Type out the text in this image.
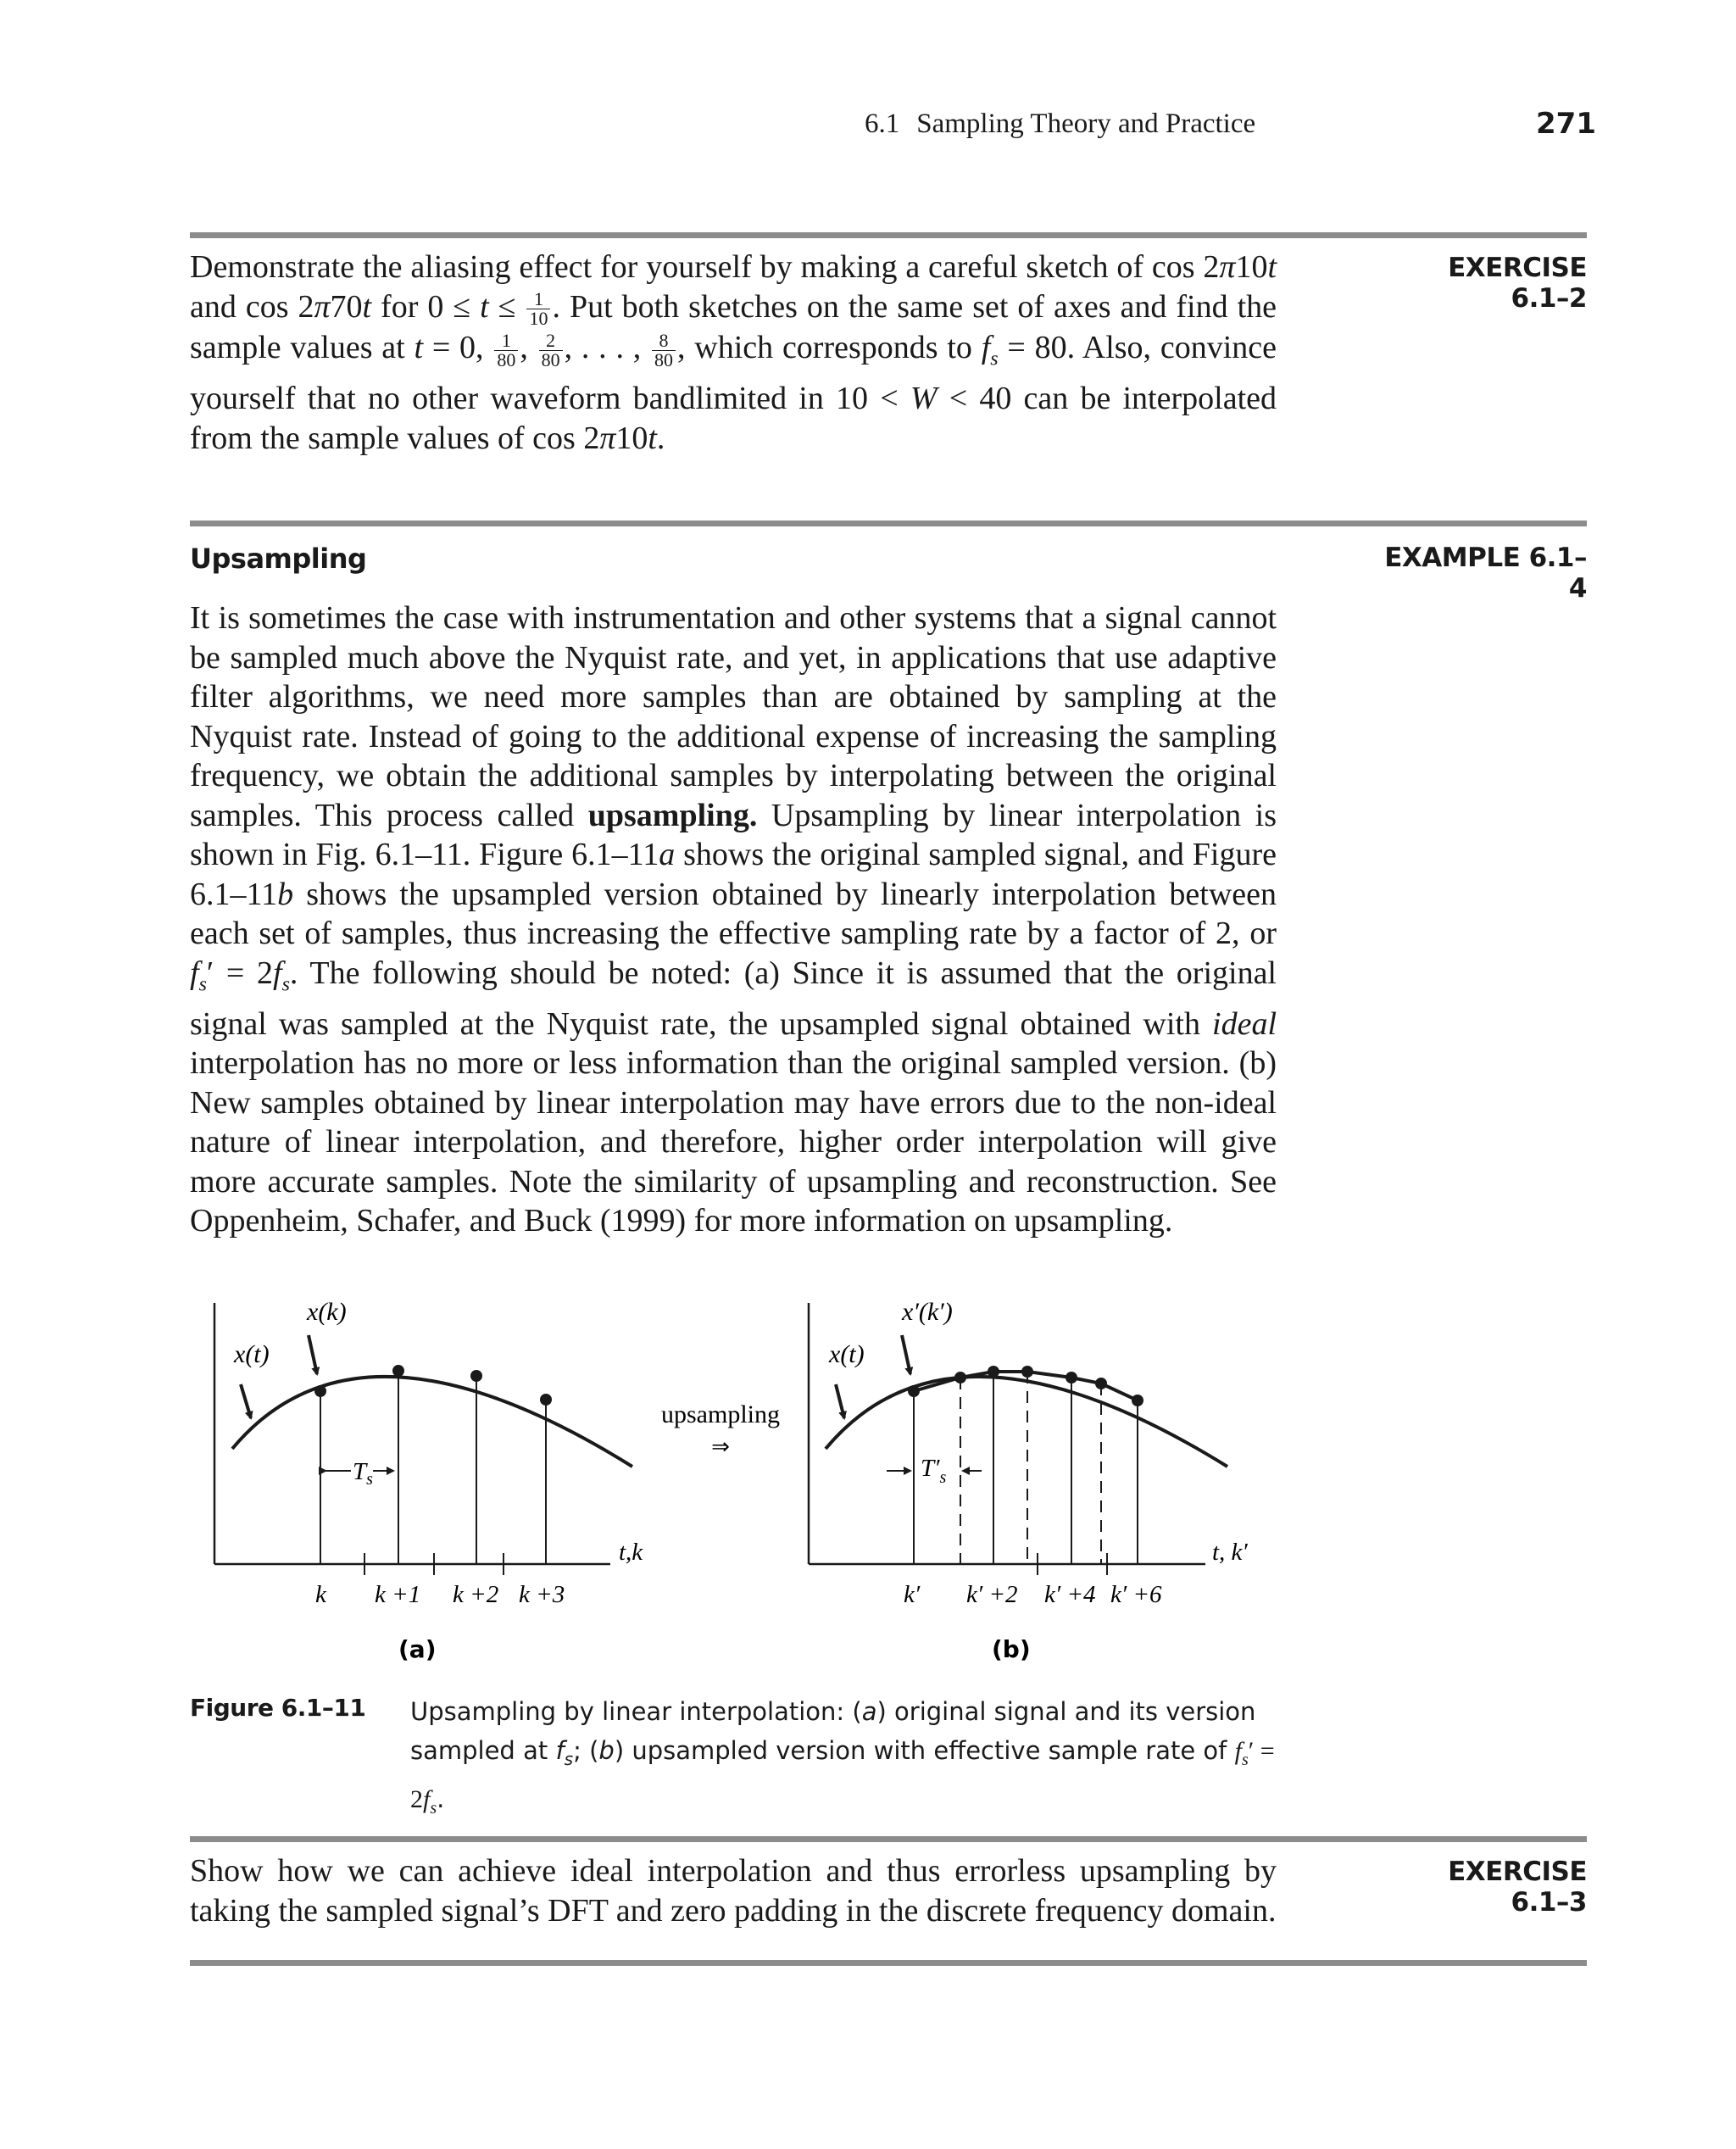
6.1 Sampling Theory and Practice	271
EXERCISE 6.1–2

Demonstrate the aliasing effect for yourself by making a careful sketch of cos 2π10t and cos 2π70t for $0 \le t \le \frac{1}{10}$ . Put both sketches on the same set of axes and find the sample values at t = 0, $\frac{1}{80}$ , $\frac{2}{80}$ , . . . , $\frac{8}{80}$ , which corresponds to $f_s = 80$. Also, convince yourself that no other waveform bandlimited in 10 < W < 40 can be interpolated from the sample values of cos 2π10t.

EXAMPLE 6.1–4
Upsampling

It is sometimes the case with instrumentation and other systems that a signal cannot be sampled much above the Nyquist rate, and yet, in applications that use adaptive filter algorithms, we need more samples than are obtained by sampling at the Nyquist rate. Instead of going to the additional expense of increasing the sampling frequency, we obtain the additional samples by interpolating between the original samples. This process called upsampling. Upsampling by linear interpolation is shown in Fig. 6.1–11. Figure 6.1–11a shows the original sampled signal, and Figure 6.1–11b shows the upsampled version obtained by linearly interpolation between each set of samples, thus increasing the effective sampling rate by a factor of 2, or $f_s' = 2f_s$. The following should be noted: (a) Since it is assumed that the original signal was sampled at the Nyquist rate, the upsampled signal obtained with ideal interpolation has no more or less information than the original sampled version. (b) New samples obtained by linear interpolation may have errors due to the non-ideal nature of linear interpolation, and therefore, higher order interpolation will give more accurate samples. Note the similarity of upsampling and reconstruction. See Oppenheim, Schafer, and Buck (1999) for more information on upsampling.

x(t)
x(k)
$T_s$
t,k
k k +1 k +2 k +3
(a)
upsampling
⇒
x(t)
x′(k′)
$T'_s$
t, k′
k′ k′ +2 k′ +4 k′ +6
(b)
Figure 6.1–11 Upsampling by linear interpolation: (a) original signal and its version sampled at $f_s$; (b) upsampled version with effective sample rate of $f_s' = 2f_s$.
EXERCISE 6.1–3

Show how we can achieve ideal interpolation and thus errorless upsampling by taking the sampled signal’s DFT and zero padding in the discrete frequency domain.
